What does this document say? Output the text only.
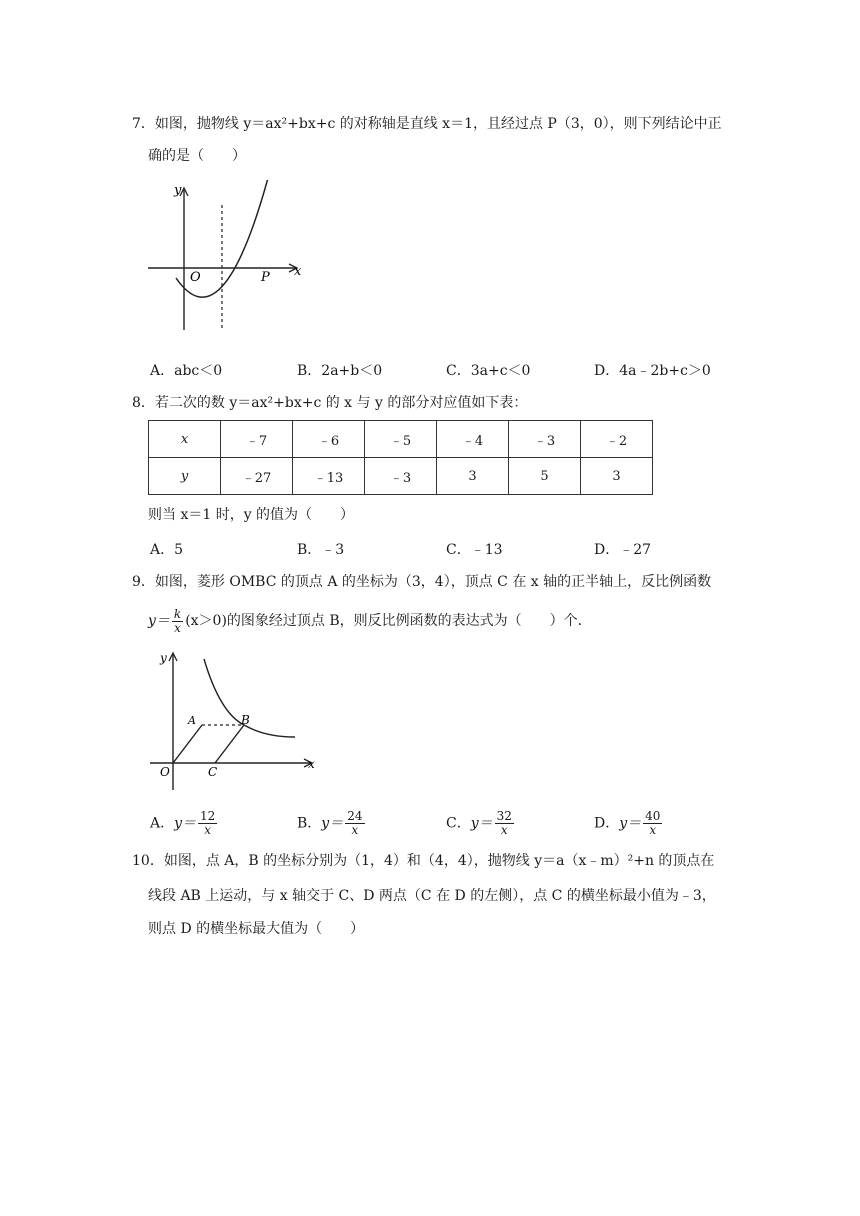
7．如图，抛物线 y＝ax²+bx+c 的对称轴是直线 x＝1，且经过点 P（3，0），则下列结论中正
确的是（　　）
y
O	P x
A．abc＜0	B．2a+b＜0	C．3a+c＜0	D．4a﹣2b+c＞0
8．若二次的数 y＝ax²+bx+c 的 x 与 y 的部分对应值如下表：
x	﹣7	﹣6	﹣5	﹣4	﹣3	﹣2
y	﹣27	﹣13	﹣3	3	5	3
则当 x＝1 时，y 的值为（　　）
A．5	B．﹣3	C．﹣13	D．﹣27
9．如图，菱形 OMBC 的顶点 A 的坐标为（3，4），顶点 C 在 x 轴的正半轴上，反比例函数
$y= \frac{k}{x} (x>0)$的图象经过顶点 B，则反比例函数的表达式为（　　）个．
y
A	B
O	C
x
A．$y= \frac{12}{x}$	B．$y= \frac{24}{x}$	C．$y= \frac{32}{x}$	D．$y= \frac{40}{x}$
10．如图，点 A，B 的坐标分别为（1，4）和（4，4），抛物线 y＝a（x﹣m）²+n 的顶点在
线段 AB 上运动，与 x 轴交于 C、D 两点（C 在 D 的左侧），点 C 的横坐标最小值为﹣3，
则点 D 的横坐标最大值为（　　）
